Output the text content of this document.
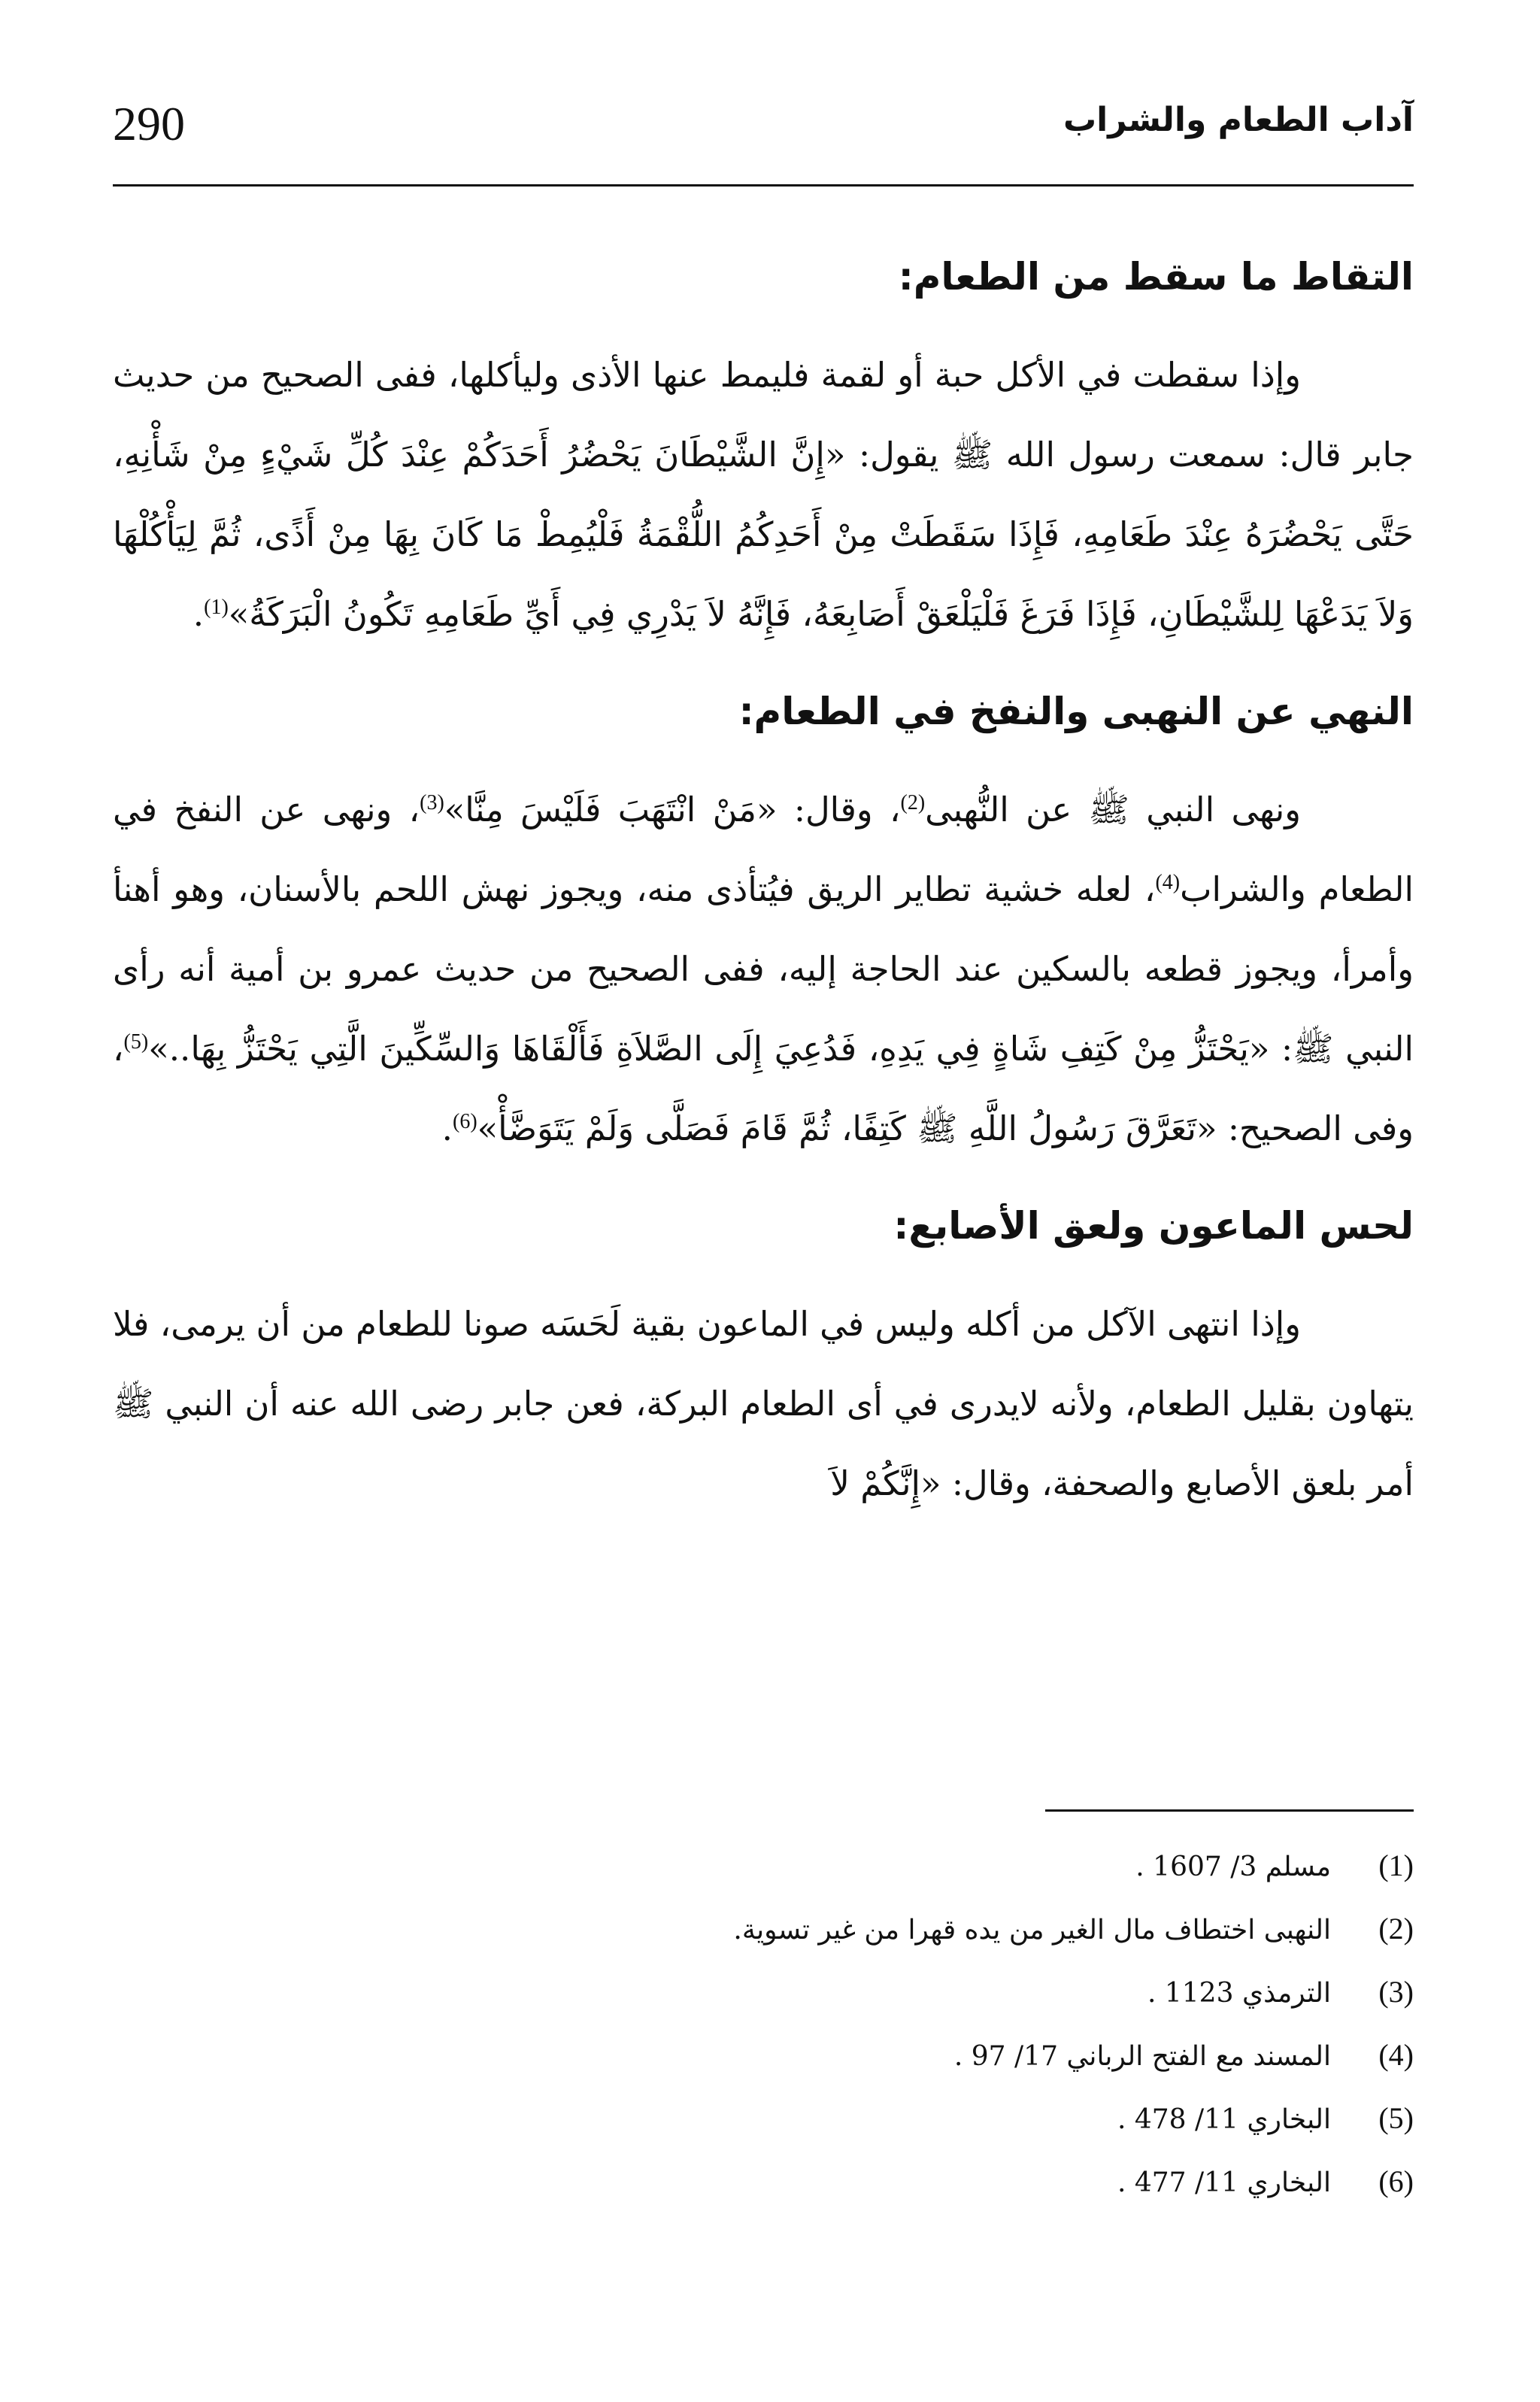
290	آداب الطعام والشراب
التقاط ما سقط من الطعام:

وإذا سقطت في الأكل حبة أو لقمة فليمط عنها الأذى وليأكلها، ففى الصحيح من حديث جابر قال: سمعت رسول الله ﷺ يقول: «إِنَّ الشَّيْطَانَ يَحْضُرُ أَحَدَكُمْ عِنْدَ كُلِّ شَيْءٍ مِنْ شَأْنِهِ، حَتَّى يَحْضُرَهُ عِنْدَ طَعَامِهِ، فَإِذَا سَقَطَتْ مِنْ أَحَدِكُمُ اللُّقْمَةُ فَلْيُمِطْ مَا كَانَ بِهَا مِنْ أَذًى، ثُمَّ لِيَأْكُلْهَا وَلاَ يَدَعْهَا لِلشَّيْطَانِ، فَإِذَا فَرَغَ فَلْيَلْعَقْ أَصَابِعَهُ، فَإِنَّهُ لاَ يَدْرِي فِي أَيِّ طَعَامِهِ تَكُونُ الْبَرَكَةُ»$^{(1)}$.

النهي عن النهبى والنفخ في الطعام:

ونهى النبي ﷺ عن النُّهبى$^{(2)}$، وقال: «مَنْ انْتَهَبَ فَلَيْسَ مِنَّا»$^{(3)}$، ونهى عن النفخ في الطعام والشراب$^{(4)}$، لعله خشية تطاير الريق فيُتأذى منه، ويجوز نهش اللحم بالأسنان، وهو أهنأ وأمرأ، ويجوز قطعه بالسكين عند الحاجة إليه، ففى الصحيح من حديث عمرو بن أمية أنه رأى النبي ﷺ: «يَحْتَزُّ مِنْ كَتِفِ شَاةٍ فِي يَدِهِ، فَدُعِيَ إِلَى الصَّلاَةِ فَأَلْقَاهَا وَالسِّكِّينَ الَّتِي يَحْتَزُّ بِهَا..»$^{(5)}$، وفى الصحيح: «تَعَرَّقَ رَسُولُ اللَّهِ ﷺ كَتِفًا، ثُمَّ قَامَ فَصَلَّى وَلَمْ يَتَوَضَّأْ»$^{(6)}$.

لحس الماعون ولعق الأصابع:

وإذا انتهى الآكل من أكله وليس في الماعون بقية لَحَسَه صونا للطعام من أن يرمى، فلا يتهاون بقليل الطعام، ولأنه لايدرى في أى الطعام البركة، فعن جابر رضى الله عنه أن النبي ﷺ أمر بلعق الأصابع والصحفة، وقال: «إِنَّكُمْ لاَ

(1)مسلم 3/ 1607 .
(2)النهبى اختطاف مال الغير من يده قهرا من غير تسوية.
(3)الترمذي 1123 .
(4)المسند مع الفتح الرباني 17/ 97 .
(5)البخاري 11/ 478 .
(6)البخاري 11/ 477 .
